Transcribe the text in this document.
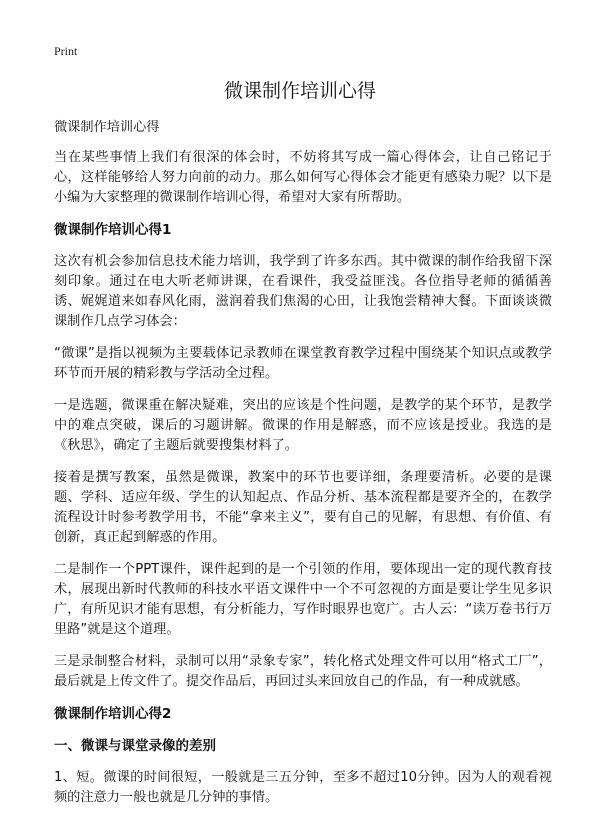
Print
微课制作培训心得

微课制作培训心得

当在某些事情上我们有很深的体会时，不妨将其写成一篇心得体会，让自己铭记于心，这样能够给人努力向前的动力。那么如何写心得体会才能更有感染力呢？以下是小编为大家整理的微课制作培训心得，希望对大家有所帮助。

微课制作培训心得1

这次有机会参加信息技术能力培训，我学到了许多东西。其中微课的制作给我留下深刻印象。通过在电大听老师讲课，在看课件，我受益匪浅。各位指导老师的循循善诱、娓娓道来如春风化雨，滋润着我们焦渴的心田，让我饱尝精神大餐。下面谈谈微课制作几点学习体会：

“微课”是指以视频为主要载体记录教师在课堂教育教学过程中围绕某个知识点或教学环节而开展的精彩教与学活动全过程。

一是选题，微课重在解决疑难，突出的应该是个性问题，是教学的某个环节，是教学中的难点突破，课后的习题讲解。微课的作用是解惑，而不应该是授业。我选的是《秋思》，确定了主题后就要搜集材料了。

接着是撰写教案，虽然是微课，教案中的环节也要详细，条理要清析。必要的是课题、学科、适应年级、学生的认知起点、作品分析、基本流程都是要齐全的，在教学流程设计时参考教学用书，不能“拿来主义”，要有自己的见解，有思想、有价值、有创新，真正起到解惑的作用。

二是制作一个PPT课件，课件起到的是一个引领的作用，要体现出一定的现代教育技术，展现出新时代教师的科技水平语文课件中一个不可忽视的方面是要让学生见多识广，有所见识才能有思想，有分析能力，写作时眼界也宽广。古人云：“读万卷书行万里路”就是这个道理。

三是录制整合材料，录制可以用“录象专家”，转化格式处理文件可以用“格式工厂”，最后就是上传文件了。提交作品后，再回过头来回放自己的作品，有一种成就感。

微课制作培训心得2
一、微课与课堂录像的差别

1、短。微课的时间很短，一般就是三五分钟，至多不超过10分钟。因为人的观看视频的注意力一般也就是几分钟的事情。
